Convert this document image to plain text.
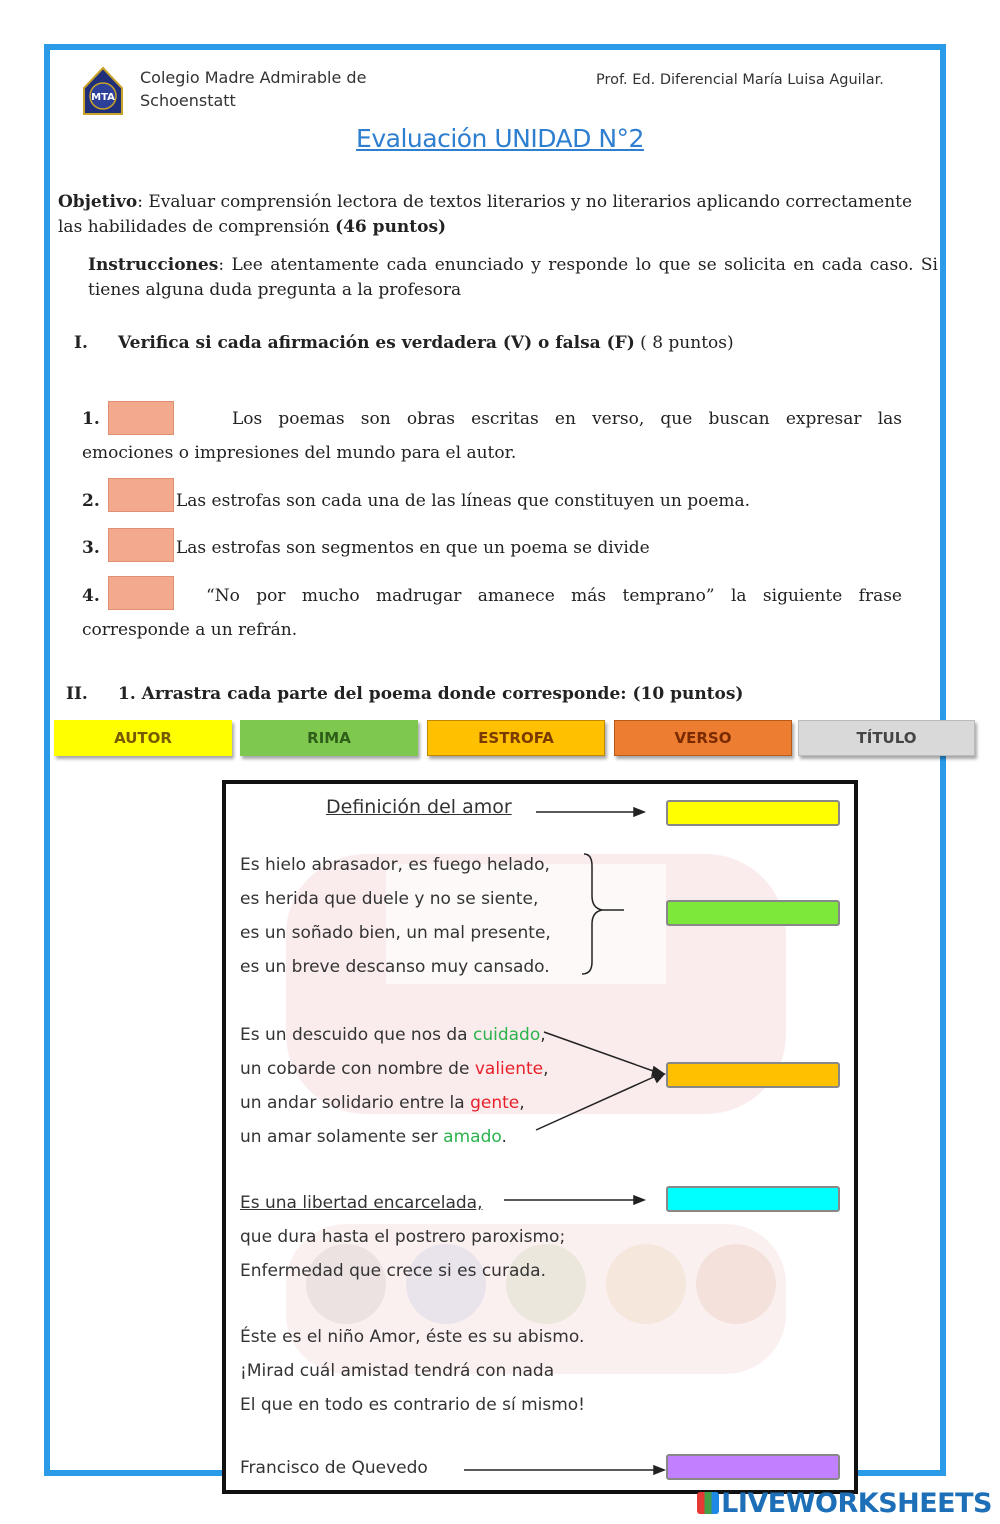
MTA
Colegio Madre Admirable de
Schoenstatt
Prof. Ed. Diferencial María Luisa Aguilar.
Evaluación UNIDAD N°2
Objetivo: Evaluar comprensión lectora de textos literarios y no literarios aplicando correctamente las habilidades de comprensión (46 puntos)
Instrucciones: Lee atentamente cada enunciado y responde lo que se solicita en cada caso. Si tienes alguna duda pregunta a la profesora
I. Verifica si cada afirmación es verdadera (V) o falsa (F) ( 8 puntos)
1.	Los poemas son obras escritas en verso, que buscan expresar las
emociones o impresiones del mundo para el autor.
2.	Las estrofas son cada una de las líneas que constituyen un poema.
3.	Las estrofas son segmentos en que un poema se divide
4.	“No por mucho madrugar amanece más temprano” la siguiente frase
corresponde a un refrán.
II. 1. Arrastra cada parte del poema donde corresponde: (10 puntos)
AUTOR	RIMA	ESTROFA	VERSO	TÍTULO
Definición del amor
Es hielo abrasador, es fuego helado,
es herida que duele y no se siente,
es un soñado bien, un mal presente,
es un breve descanso muy cansado.
Es un descuido que nos da cuidado,
un cobarde con nombre de valiente,
un andar solidario entre la gente,
un amar solamente ser amado.
Es una libertad encarcelada,
que dura hasta el postrero paroxismo;
Enfermedad que crece si es curada.
Éste es el niño Amor, éste es su abismo.
¡Mirad cuál amistad tendrá con nada
El que en todo es contrario de sí mismo!
Francisco de Quevedo
LIVEWORKSHEETS
